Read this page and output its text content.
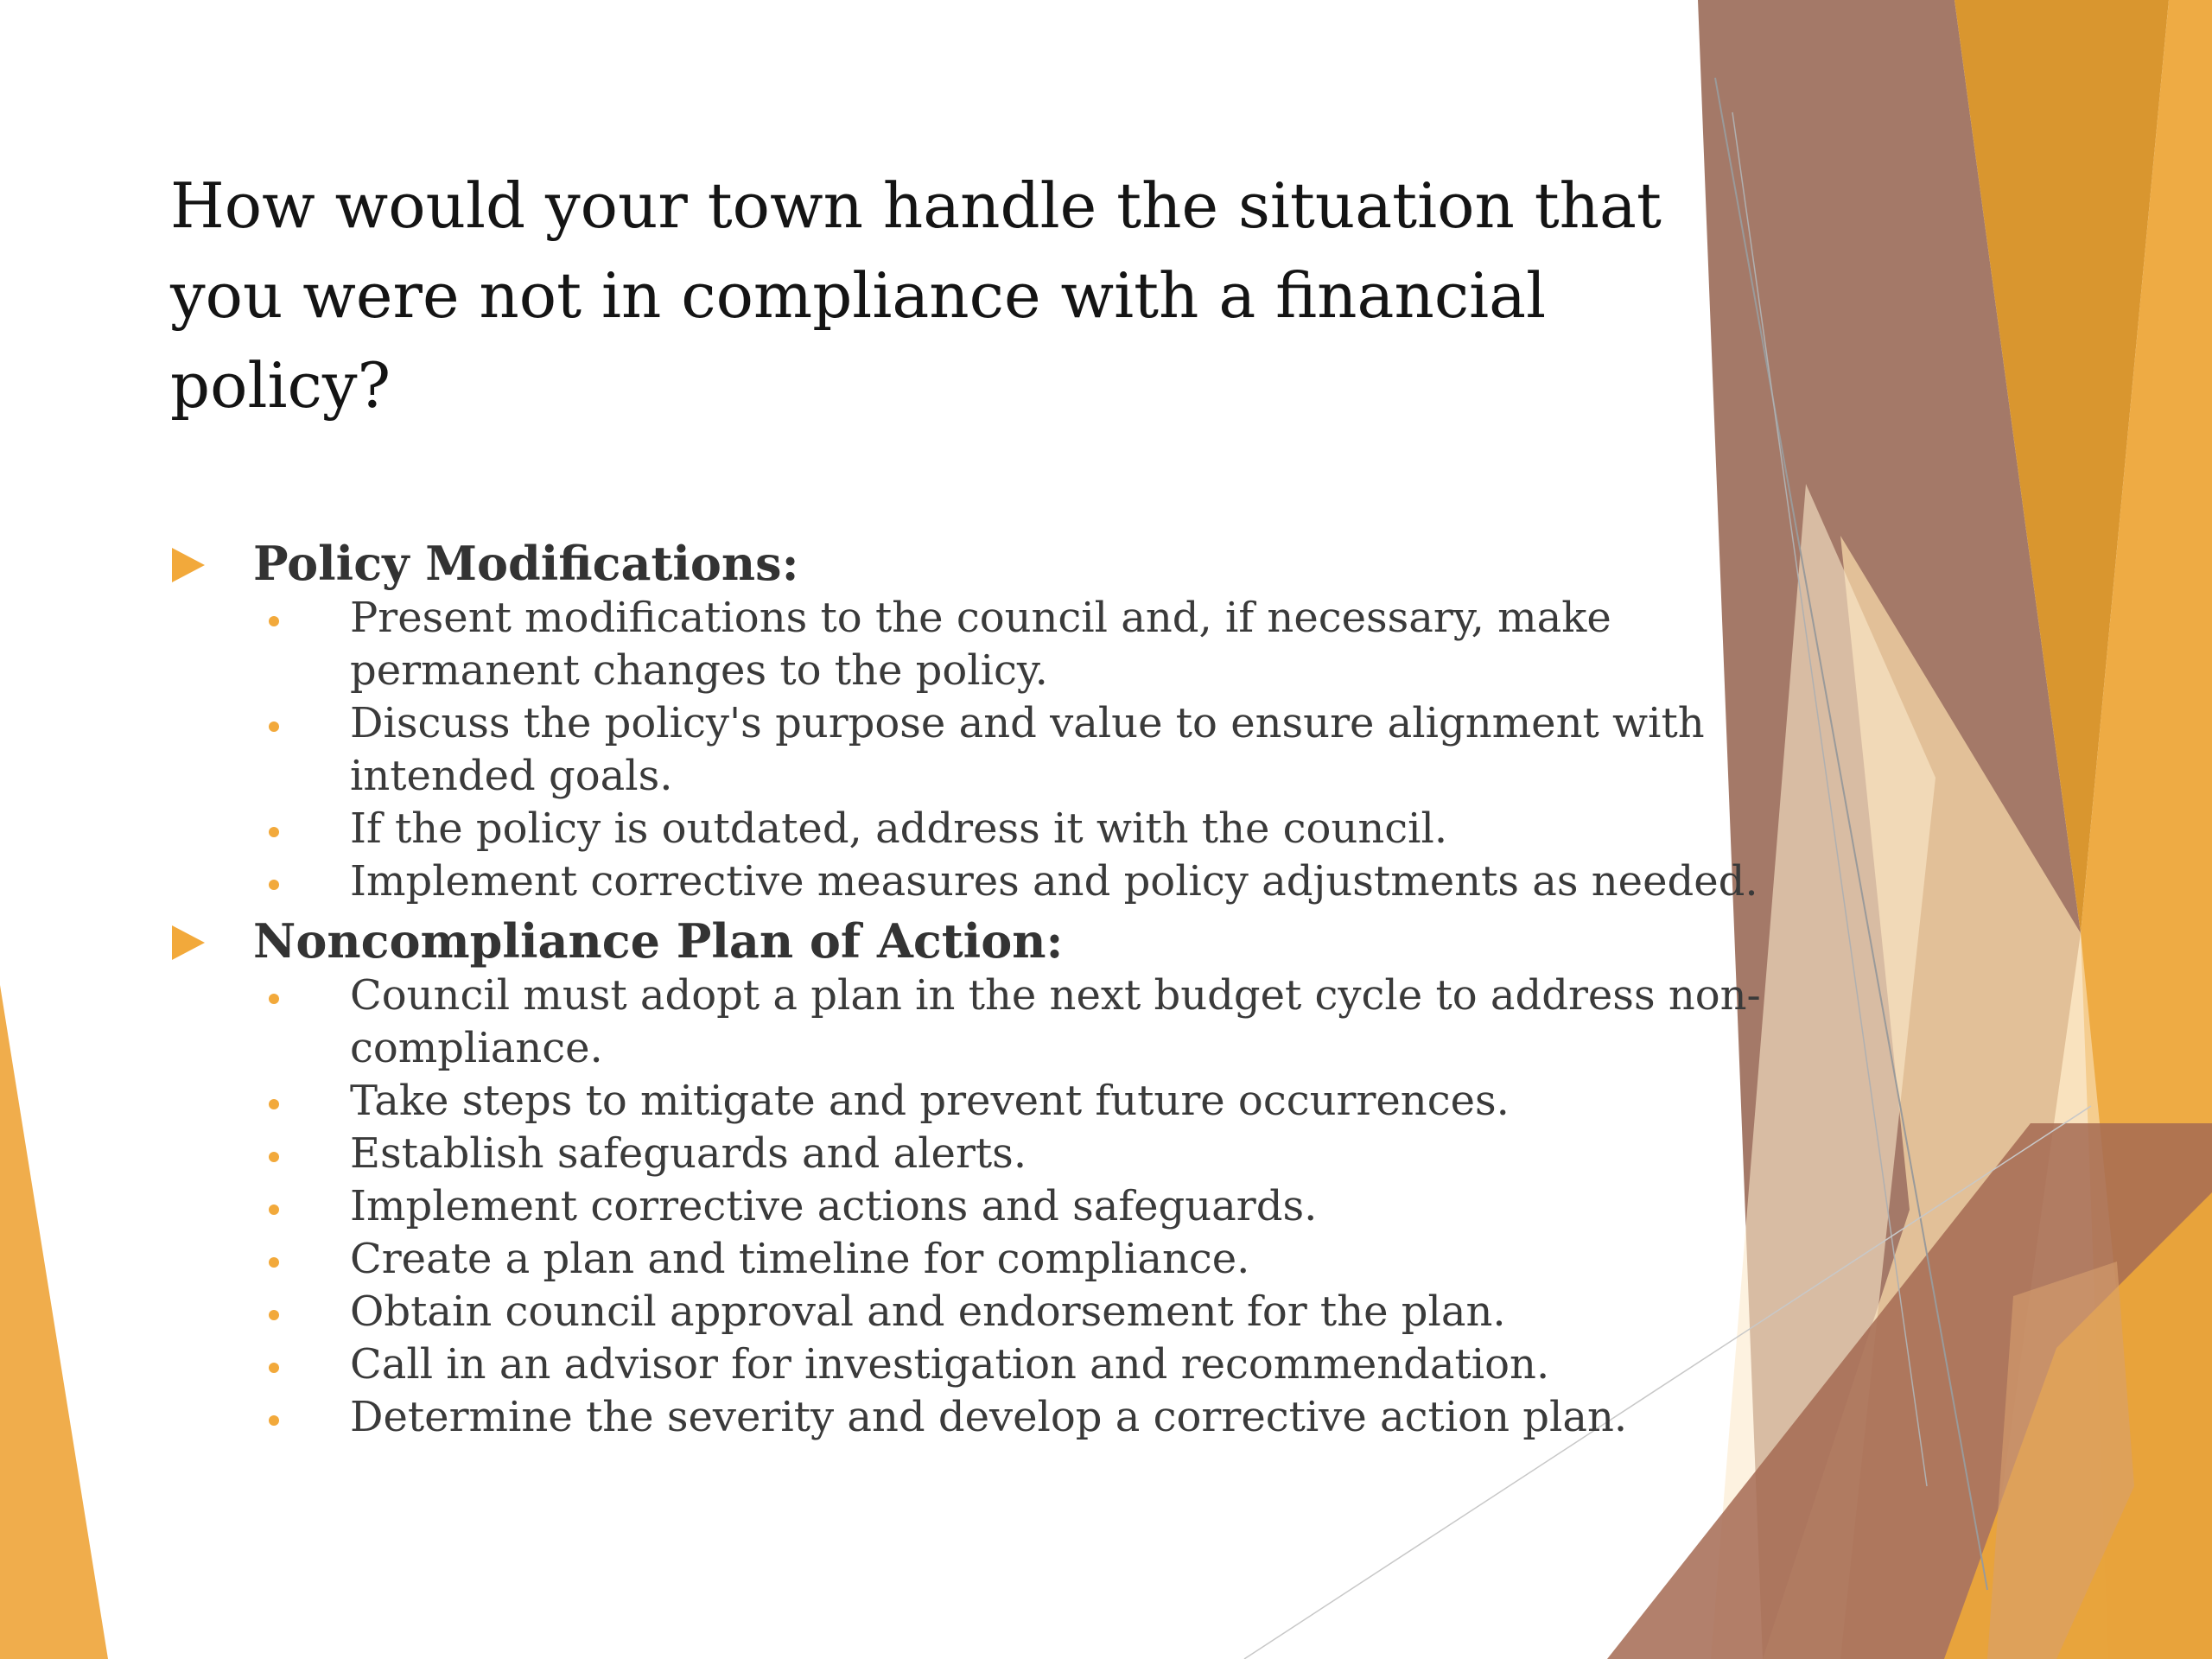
How would your town handle the situation that you were not in compliance with a financial policy?
Policy Modifications:
Present modifications to the council and, if necessary, make permanent changes to the policy.
Discuss the policy's purpose and value to ensure alignment with intended goals.
If the policy is outdated, address it with the council.
Implement corrective measures and policy adjustments as needed.
Noncompliance Plan of Action:
Council must adopt a plan in the next budget cycle to address non-compliance.
Take steps to mitigate and prevent future occurrences.
Establish safeguards and alerts.
Implement corrective actions and safeguards.
Create a plan and timeline for compliance.
Obtain council approval and endorsement for the plan.
Call in an advisor for investigation and recommendation.
Determine the severity and develop a corrective action plan.
